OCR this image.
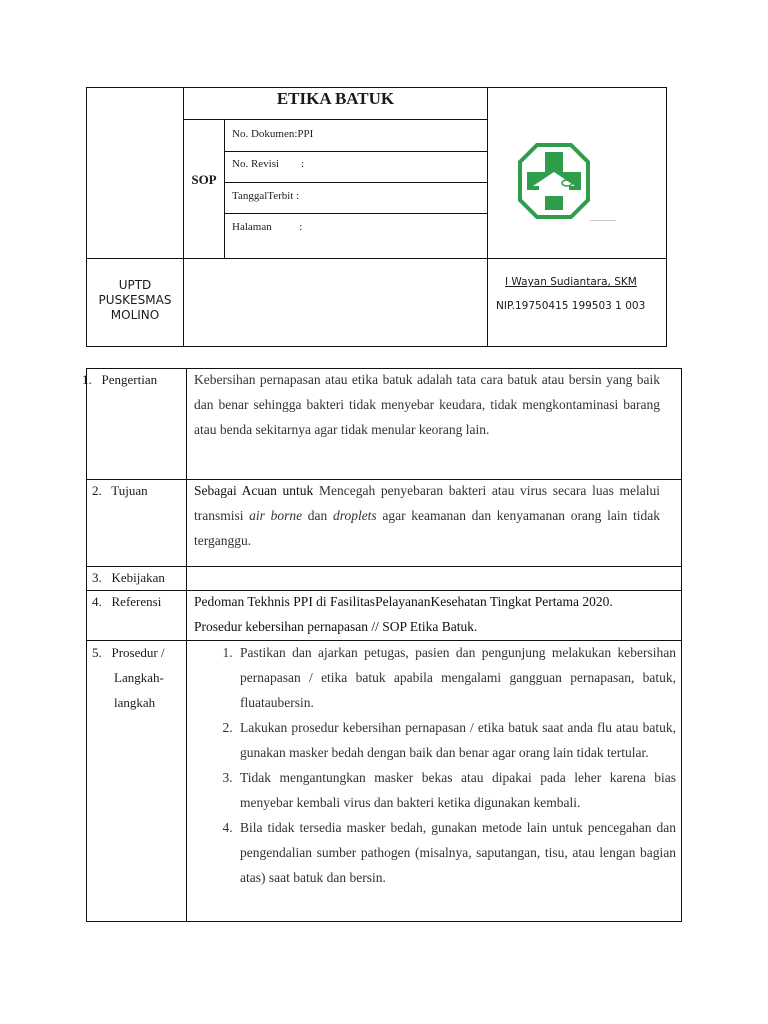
ETIKA BATUK
SOP
No. Dokumen:PPI
No. Revisi        :
TanggalTerbit :
Halaman          :
UPTD
PUSKESMAS
MOLINO
I Wayan Sudiantara, SKM
NIP.19750415 199503 1 003
1.   Pengertian	Kebersihan pernapasan atau etika batuk adalah tata cara batuk atau bersin yang baik dan benar sehingga bakteri tidak menyebar keudara, tidak mengkontaminasi barang atau benda sekitarnya agar tidak menular keorang lain.
2.   Tujuan	Sebagai Acuan untuk Mencegah penyebaran bakteri atau virus secara luas melalui transmisi air borne dan droplets agar keamanan dan kenyamanan orang lain tidak terganggu.
3.   Kebijakan
4.   Referensi Pedoman Tekhnis PPI di FasilitasPelayananKesehatan Tingkat Pertama 2020.
Prosedur kebersihan pernapasan // SOP Etika Batuk.
5.   Prosedur /
Langkah-
langkah
1. Pastikan dan ajarkan petugas, pasien dan pengunjung melakukan kebersihan pernapasan / etika batuk apabila mengalami gangguan pernapasan, batuk, fluataubersin.
2. Lakukan prosedur kebersihan pernapasan / etika batuk saat anda flu atau batuk, gunakan masker bedah dengan baik dan benar agar orang lain tidak tertular.
3. Tidak mengantungkan masker bekas atau dipakai pada leher karena bias menyebar kembali virus dan bakteri ketika digunakan kembali.
4. Bila tidak tersedia masker bedah, gunakan metode lain untuk pencegahan dan pengendalian sumber pathogen (misalnya, saputangan, tisu, atau lengan bagian atas) saat batuk dan bersin.
